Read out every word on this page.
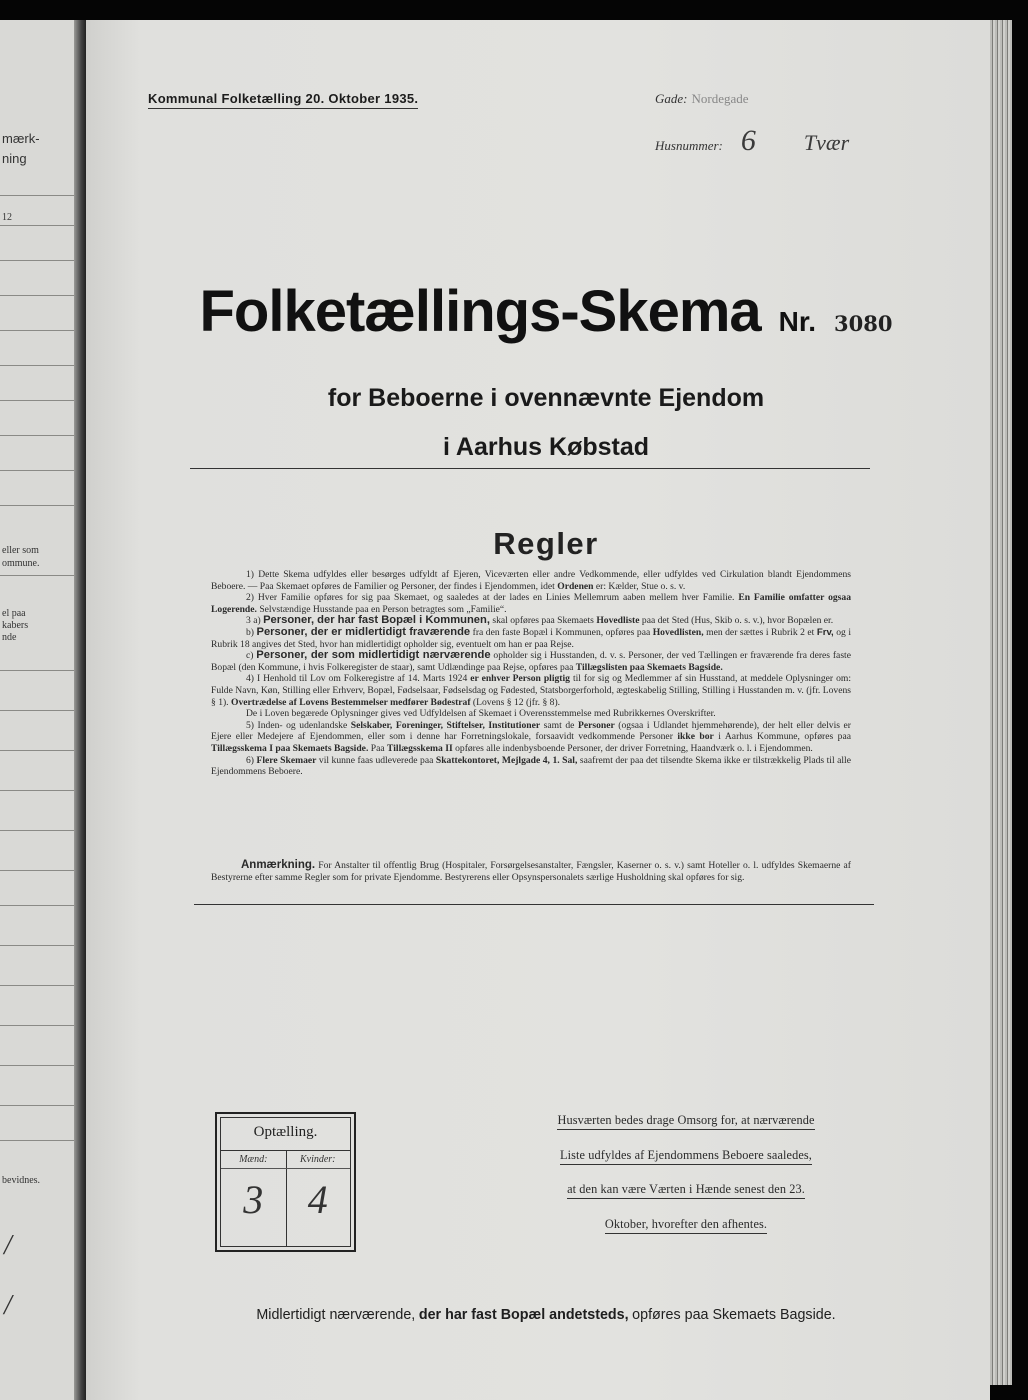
mærk-
ning
12
eller som
ommune.
el paa
kabers
nde
bevidnes.
/
/
Kommunal Folketælling 20. Oktober 1935.	Gade: Nordegade
Husnummer: 6 Tvær
Folketællings-Skema Nr. 3080
for Beboerne i ovennævnte Ejendom
i Aarhus Købstad
Regler

1) Dette Skema udfyldes eller besørges udfyldt af Ejeren, Viceværten eller andre Vedkommende, eller udfyldes ved Cirkulation blandt Ejendommens Beboere. — Paa Skemaet opføres de Familier og Personer, der findes i Ejendommen, idet Ordenen er: Kælder, Stue o. s. v.

2) Hver Familie opføres for sig paa Skemaet, og saaledes at der lades en Linies Mellemrum aaben mellem hver Familie. En Familie omfatter ogsaa Logerende. Selvstændige Husstande paa en Person betragtes som „Familie“.

3 a) Personer, der har fast Bopæl i Kommunen, skal opføres paa Skemaets Hovedliste paa det Sted (Hus, Skib o. s. v.), hvor Bopælen er.

b) Personer, der er midlertidigt fraværende fra den faste Bopæl i Kommunen, opføres paa Hovedlisten, men der sættes i Rubrik 2 et Frv, og i Rubrik 18 angives det Sted, hvor han midlertidigt opholder sig, eventuelt om han er paa Rejse.

c) Personer, der som midlertidigt nærværende opholder sig i Husstanden, d. v. s. Personer, der ved Tællingen er fraværende fra deres faste Bopæl (den Kommune, i hvis Folkeregister de staar), samt Udlændinge paa Rejse, opføres paa Tillægslisten paa Skemaets Bagside.

4) I Henhold til Lov om Folkeregistre af 14. Marts 1924 er enhver Person pligtig til for sig og Medlemmer af sin Husstand, at meddele Oplysninger om: Fulde Navn, Køn, Stilling eller Erhverv, Bopæl, Fødselsaar, Fødselsdag og Fødested, Statsborgerforhold, ægteskabelig Stilling, Stilling i Husstanden m. v. (jfr. Lovens § 1). Overtrædelse af Lovens Bestemmelser medfører Bødestraf (Lovens § 12 (jfr. § 8).

De i Loven begærede Oplysninger gives ved Udfyldelsen af Skemaet i Overensstemmelse med Rubrikkernes Overskrifter.

5) Inden- og udenlandske Selskaber, Foreninger, Stiftelser, Institutioner samt de Personer (ogsaa i Udlandet hjemmehørende), der helt eller delvis er Ejere eller Medejere af Ejendommen, eller som i denne har Forretningslokale, forsaavidt vedkommende Personer ikke bor i Aarhus Kommune, opføres paa Tillægsskema I paa Skemaets Bagside. Paa Tillægsskema II opføres alle indenbysboende Personer, der driver Forretning, Haandværk o. l. i Ejendommen.

6) Flere Skemaer vil kunne faas udleverede paa Skattekontoret, Mejlgade 4, 1. Sal, saafremt der paa det tilsendte Skema ikke er tilstrækkelig Plads til alle Ejendommens Beboere.

Anmærkning. For Anstalter til offentlig Brug (Hospitaler, Forsørgelsesanstalter, Fængsler, Kaserner o. s. v.) samt Hoteller o. l. udfyldes Skemaerne af Bestyrerne efter samme Regler som for private Ejendomme. Bestyrerens eller Opsynspersonalets særlige Husholdning skal opføres for sig.

Optælling.
Mænd:	Kvinder:
3	4
Husværten bedes drage Omsorg for, at nærværende
Liste udfyldes af Ejendommens Beboere saaledes,
at den kan være Værten i Hænde senest den 23.
Oktober, hvorefter den afhentes.
Midlertidigt nærværende, der har fast Bopæl andetsteds, opføres paa Skemaets Bagside.
